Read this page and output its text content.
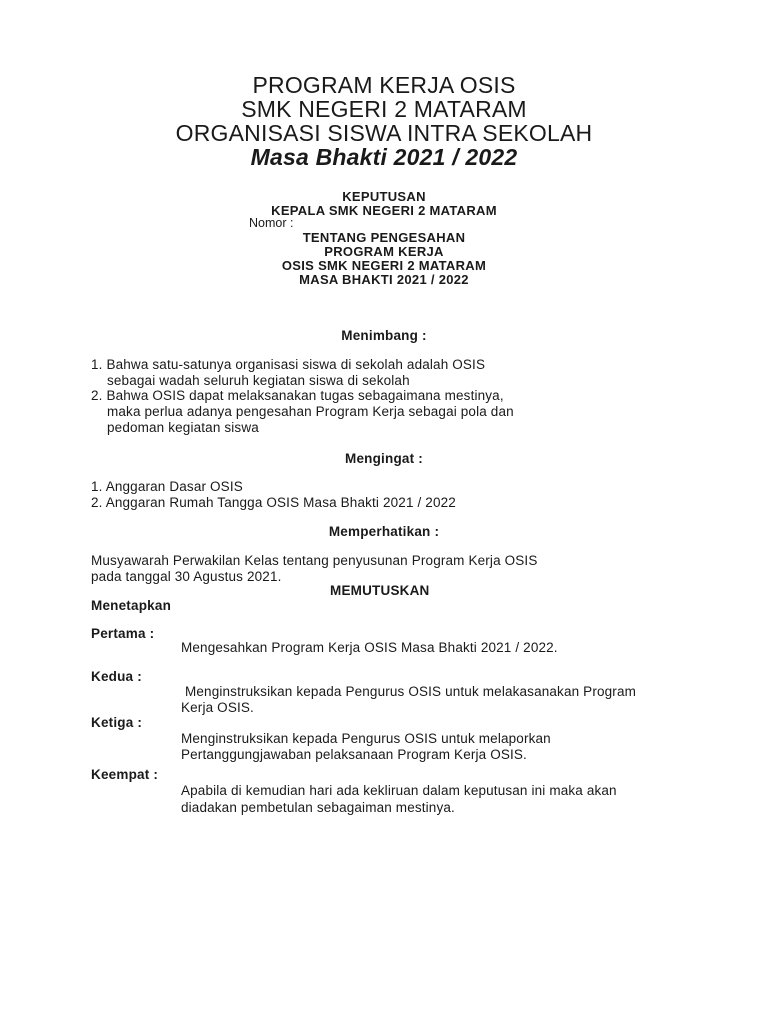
PROGRAM KERJA OSIS
SMK NEGERI 2 MATARAM
ORGANISASI SISWA INTRA SEKOLAH
Masa Bhakti 2021 / 2022
KEPUTUSAN
KEPALA SMK NEGERI 2 MATARAM
Nomor :
TENTANG PENGESAHAN
PROGRAM KERJA
OSIS SMK NEGERI 2 MATARAM
MASA BHAKTI 2021 / 2022
Menimbang :
1. Bahwa satu-satunya organisasi siswa di sekolah adalah OSIS
sebagai wadah seluruh kegiatan siswa di sekolah
2. Bahwa OSIS dapat melaksanakan tugas sebagaimana mestinya,
maka perlua adanya pengesahan Program Kerja sebagai pola dan
pedoman kegiatan siswa
Mengingat :
1. Anggaran Dasar OSIS
2. Anggaran Rumah Tangga OSIS Masa Bhakti 2021 / 2022
Memperhatikan :
Musyawarah Perwakilan Kelas tentang penyusunan Program Kerja OSIS
pada tanggal 30 Agustus 2021.
MEMUTUSKAN
Menetapkan
Pertama :
Mengesahkan Program Kerja OSIS Masa Bhakti 2021 / 2022.
Kedua :
Menginstruksikan kepada Pengurus OSIS untuk melakasanakan Program
Kerja OSIS.
Ketiga :
Menginstruksikan kepada Pengurus OSIS untuk melaporkan
Pertanggungjawaban pelaksanaan Program Kerja OSIS.
Keempat :
Apabila di kemudian hari ada kekliruan dalam keputusan ini maka akan
diadakan pembetulan sebagaiman mestinya.
